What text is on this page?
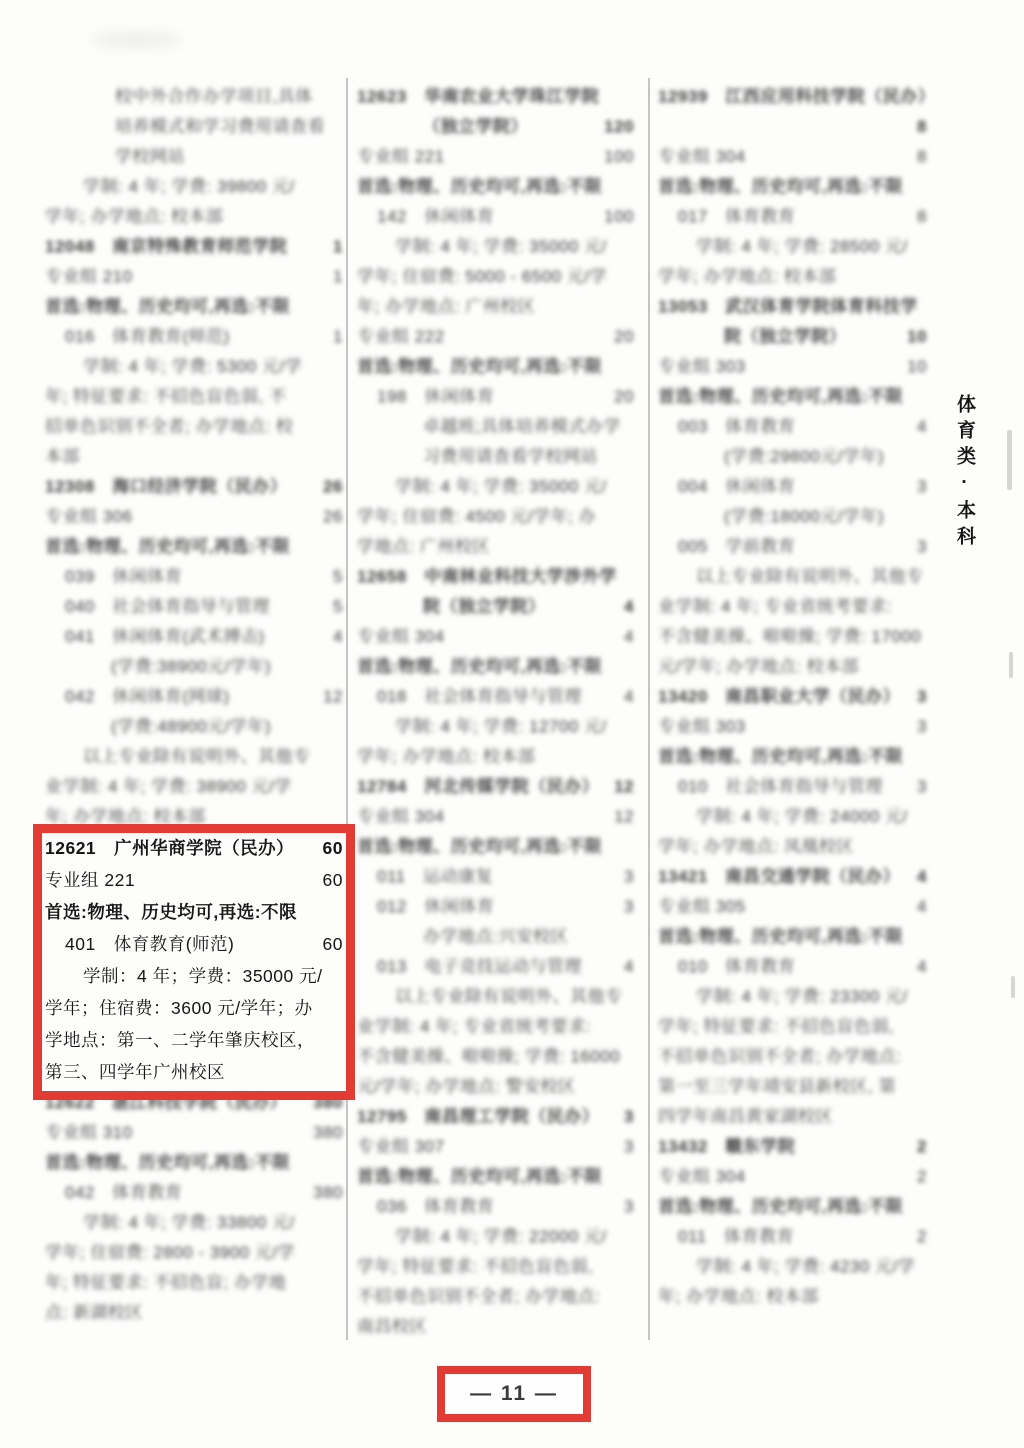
校中外合作办学项目,具体
培养模式和学习费用请查看
学校网站
学制: 4 年; 学费: 39800 元/
学年; 办学地点: 校本部
12048　南京特殊教育师范学院	1
专业组 210	1
首选:物理、历史均可,再选:不限
016　体育教育(师范)	1
学制: 4 年; 学费: 5300 元/学
年; 特征要求: 不招色盲色弱, 不
招单色识别不全者; 办学地点: 校
本部
12308　海口经济学院（民办）	26
专业组 306	26
首选:物理、历史均可,再选:不限
039　休闲体育	5
040　社会体育指导与管理	5
041　休闲体育(武术搏击)	4
(学费:38900元/学年)
042　休闲体育(网球)	12
(学费:48900元/学年)
以上专业除有说明外、其他专
业学制: 4 年; 学费: 38900 元/学
年; 办学地点: 校本部
12621　广州华商学院（民办）	60
专业组 221	60
首选:物理、历史均可,再选:不限
401　体育教育(师范)	60
学制：4 年；学费：35000 元/
学年；住宿费：3600 元/学年；办
学地点：第一、二学年肇庆校区，
第三、四学年广州校区
12622　湛江科技学院（民办）	380
专业组 310	380
首选:物理、历史均可,再选:不限
042　体育教育	380
学制: 4 年; 学费: 33800 元/
学年; 住宿费: 2800 - 3900 元/学
年; 特征要求: 不招色盲; 办学地
点: 新湖校区
12623　华南农业大学珠江学院
（独立学院）	120
专业组 221	100
首选:物理、历史均可,再选:不限
142　休闲体育	100
学制: 4 年; 学费: 35000 元/
学年; 住宿费: 5000 - 6500 元/学
年; 办学地点: 广州校区
专业组 222	20
首选:物理、历史均可,再选:不限
198　休闲体育	20
卓越班;具体培养模式办学
习费用请查看学校网站
学制: 4 年; 学费: 35000 元/
学年; 住宿费: 4500 元/学年; 办
学地点: 广州校区
12658　中南林业科技大学涉外学
院（独立学院）	4
专业组 304	4
首选:物理、历史均可,再选:不限
018　社会体育指导与管理	4
学制: 4 年; 学费: 12700 元/
学年; 办学地点: 校本部
12784　河北传媒学院（民办） 12
专业组 304	12
首选:物理、历史均可,再选:不限
011　运动康复	3
012　休闲体育	3
办学地点:兴安校区
013　电子竞技运动与管理	4
以上专业除有说明外、其他专
业学制: 4 年; 专业省统考要求:
不含健美操、啦啦操; 学费: 16000
元/学年; 办学地点: 警安校区
12795　南昌理工学院（民办）	3
专业组 307	3
首选:物理、历史均可,再选:不限
036　体育教育	3
学制: 4 年; 学费: 22000 元/
学年; 特征要求: 不招色盲色弱,
不招单色识别不全者; 办学地点:
南昌校区
12939　江西应用科技学院（民办）
8
专业组 304	8
首选:物理、历史均可,再选:不限
017　体育教育	8
学制: 4 年; 学费: 28500 元/
学年; 办学地点: 校本部
13053　武汉体育学院体育科技学
院（独立学院）	10
专业组 303	10
首选:物理、历史均可,再选:不限
003　体育教育	4
(学费:29800元/学年)
004　休闲体育	3
(学费:18000元/学年)
005　学前教育	3
以上专业除有说明外、其他专
业学制: 4 年; 专业省统考要求:
不含健美操、啦啦操; 学费: 17000
元/学年; 办学地点: 校本部
13420　南昌职业大学（民办） 3
专业组 303	3
首选:物理、历史均可,再选:不限
010　社会体育指导与管理	3
学制: 4 年; 学费: 24000 元/
学年; 办学地点: 凤凰校区
13421　南昌交通学院（民办） 4
专业组 305	4
首选:物理、历史均可,再选:不限
010　体育教育	4
学制: 4 年; 学费: 23300 元/
学年; 特征要求: 不招色盲色弱,
不招单色识别不全者; 办学地点:
第一至三学年靖安县新校区, 第
四学年南昌黄家湖校区
13432　赣东学院	2
专业组 304	2
首选:物理、历史均可,再选:不限
011　体育教育	2
学制: 4 年; 学费: 4230 元/学
年; 办学地点: 校本部
体育类·本科
— 11 —
